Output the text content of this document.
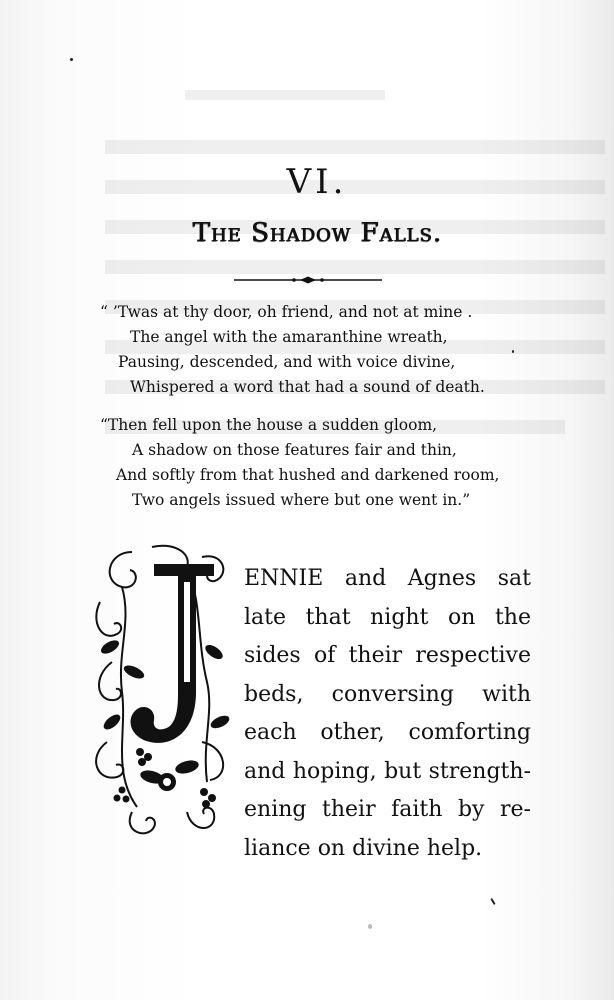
VI.
The Shadow Falls.
“ ’Twas at thy door, oh friend, and not at mine .
The angel with the amaranthine wreath,
Pausing, descended, and with voice divine,
Whispered a word that had a sound of death.
“Then fell upon the house a sudden gloom,
A shadow on those features fair and thin,
And softly from that hushed and darkened room,
Two angels issued where but one went in.”
ENNIE and Agnes sat
late that night on the
sides of their respective
beds, conversing with
each other, comforting
and hoping, but strength-
ening their faith by re-
liance on divine help.
